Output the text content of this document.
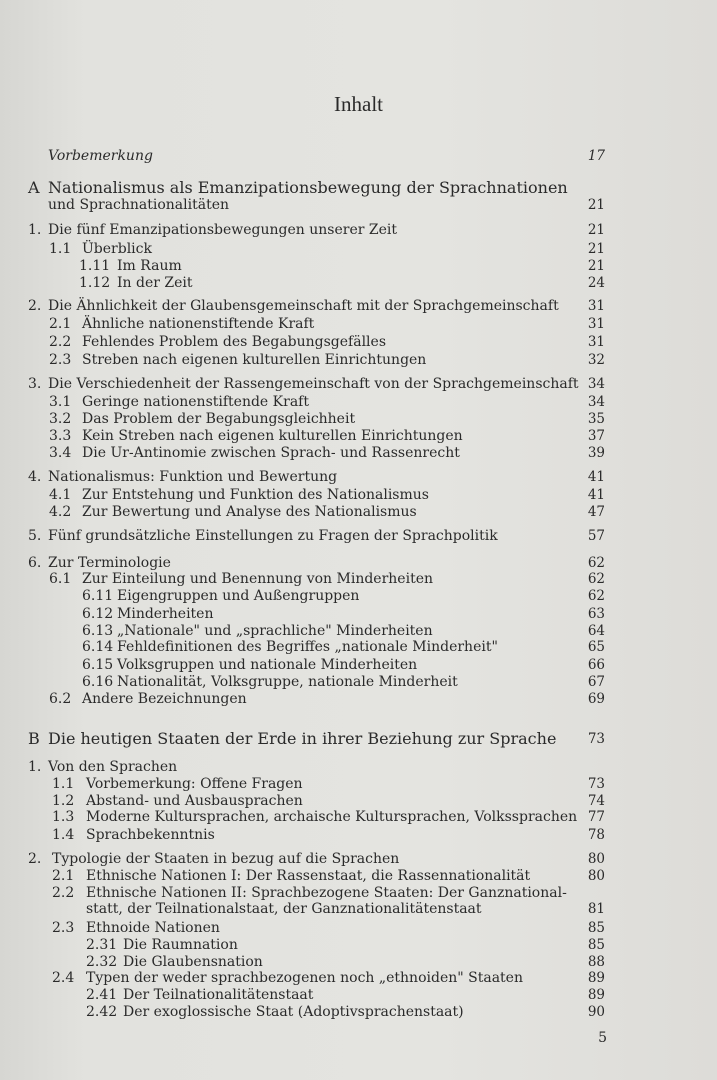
Inhalt
Vorbemerkung	17
A Nationalismus als Emanzipationsbewegung der Sprachnationen
und Sprachnationalitäten	21
1. Die fünf Emanzipationsbewegungen unserer Zeit	21
1.1 Überblick	21
1.11 Im Raum	21
1.12 In der Zeit	24
2. Die Ähnlichkeit der Glaubensgemeinschaft mit der Sprachgemeinschaft 31
2.1 Ähnliche nationenstiftende Kraft	31
2.2 Fehlendes Problem des Begabungsgefälles	31
2.3 Streben nach eigenen kulturellen Einrichtungen	32
3. Die Verschiedenheit der Rassengemeinschaft von der Sprachgemeinschaft 34
3.1 Geringe nationenstiftende Kraft	34
3.2 Das Problem der Begabungsgleichheit	35
3.3 Kein Streben nach eigenen kulturellen Einrichtungen	37
3.4 Die Ur-Antinomie zwischen Sprach- und Rassenrecht	39
4. Nationalismus: Funktion und Bewertung	41
4.1 Zur Entstehung und Funktion des Nationalismus	41
4.2 Zur Bewertung und Analyse des Nationalismus	47
5. Fünf grundsätzliche Einstellungen zu Fragen der Sprachpolitik	57
6. Zur Terminologie	62
6.1 Zur Einteilung und Benennung von Minderheiten	62
6.11 Eigengruppen und Außengruppen	62
6.12 Minderheiten	63
6.13 „Nationale" und „sprachliche" Minderheiten	64
6.14 Fehldefinitionen des Begriffes „nationale Minderheit"	65
6.15 Volksgruppen und nationale Minderheiten	66
6.16 Nationalität, Volksgruppe, nationale Minderheit	67
6.2 Andere Bezeichnungen	69
B Die heutigen Staaten der Erde in ihrer Beziehung zur Sprache 73
1. Von den Sprachen
1.1 Vorbemerkung: Offene Fragen	73
1.2 Abstand- und Ausbausprachen	74
1.3 Moderne Kultursprachen, archaische Kultursprachen, Volkssprachen 77
1.4 Sprachbekenntnis	78
2. Typologie der Staaten in bezug auf die Sprachen	80
2.1 Ethnische Nationen I: Der Rassenstaat, die Rassennationalität	80
2.2 Ethnische Nationen II: Sprachbezogene Staaten: Der Ganznational-
statt, der Teilnationalstaat, der Ganznationalitätenstaat	81
2.3 Ethnoide Nationen	85
2.31 Die Raumnation	85
2.32 Die Glaubensnation	88
2.4 Typen der weder sprachbezogenen noch „ethnoiden" Staaten	89
2.41 Der Teilnationalitätenstaat	89
2.42 Der exoglossische Staat (Adoptivsprachenstaat)	90
5
